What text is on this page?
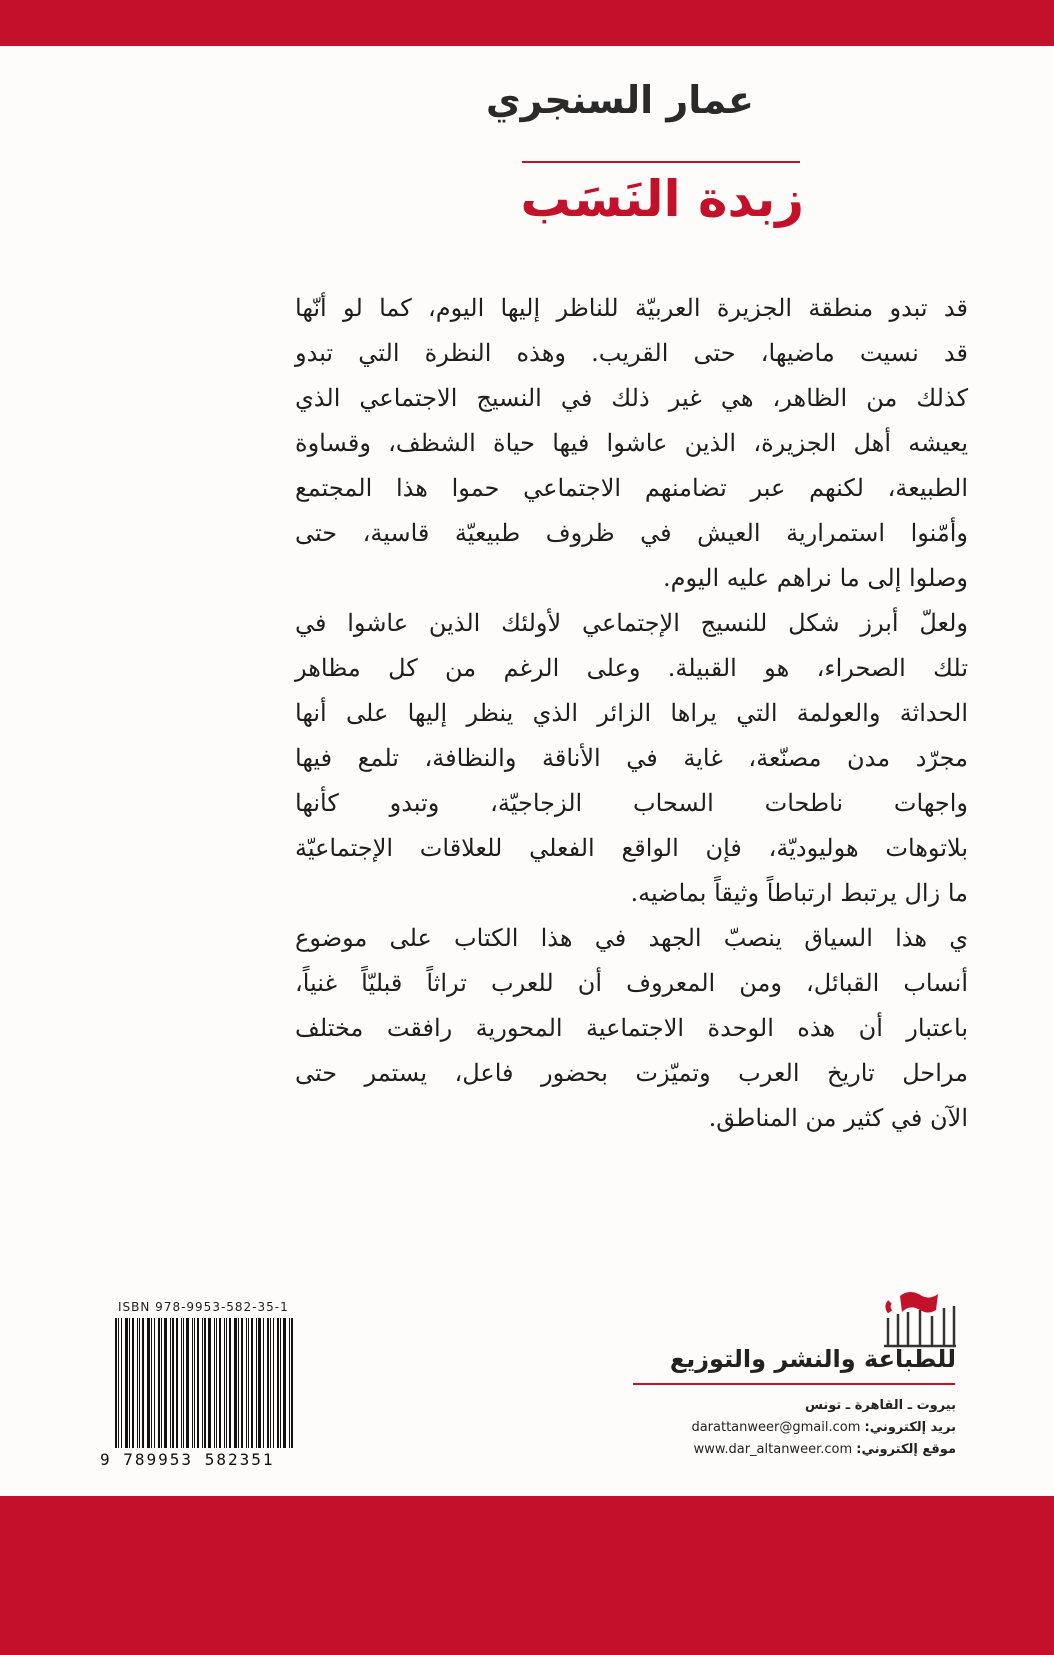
عمار السنجري
زبدة النَسَب
قد تبدو منطقة الجزيرة العربيّة للناظر إليها اليوم، كما لو أنّها
قد نسيت ماضيها، حتى القريب. وهذه النظرة التي تبدو
كذلك من الظاهر، هي غير ذلك في النسيج الاجتماعي الذي
يعيشه أهل الجزيرة، الذين عاشوا فيها حياة الشظف، وقساوة
الطبيعة، لكنهم عبر تضامنهم الاجتماعي حموا هذا المجتمع
وأمّنوا استمرارية العيش في ظروف طبيعيّة قاسية، حتى
وصلوا إلى ما نراهم عليه اليوم.
ولعلّ أبرز شكل للنسيج الإجتماعي لأولئك الذين عاشوا في
تلك الصحراء، هو القبيلة. وعلى الرغم من كل مظاهر
الحداثة والعولمة التي يراها الزائر الذي ينظر إليها على أنها
مجرّد مدن مصنّعة، غاية في الأناقة والنظافة، تلمع فيها
واجهات ناطحات السحاب الزجاجيّة، وتبدو كأنها
بلاتوهات هوليوديّة، فإن الواقع الفعلي للعلاقات الإجتماعيّة
ما زال يرتبط ارتباطاً وثيقاً بماضيه.
ي هذا السياق ينصبّ الجهد في هذا الكتاب على موضوع
أنساب القبائل، ومن المعروف أن للعرب تراثاً قبليّاً غنياً،
باعتبار أن هذه الوحدة الاجتماعية المحورية رافقت مختلف
مراحل تاريخ العرب وتميّزت بحضور فاعل، يستمر حتى
الآن في كثير من المناطق.
ISBN 978-9953-582-35-1
9 789953 582351
للطباعة والنشر والتوزيع
بيروت ـ القاهرة ـ تونس
بريد إلكتروني: darattanweer@gmail.com
موقع إلكتروني: www.dar_altanweer.com
